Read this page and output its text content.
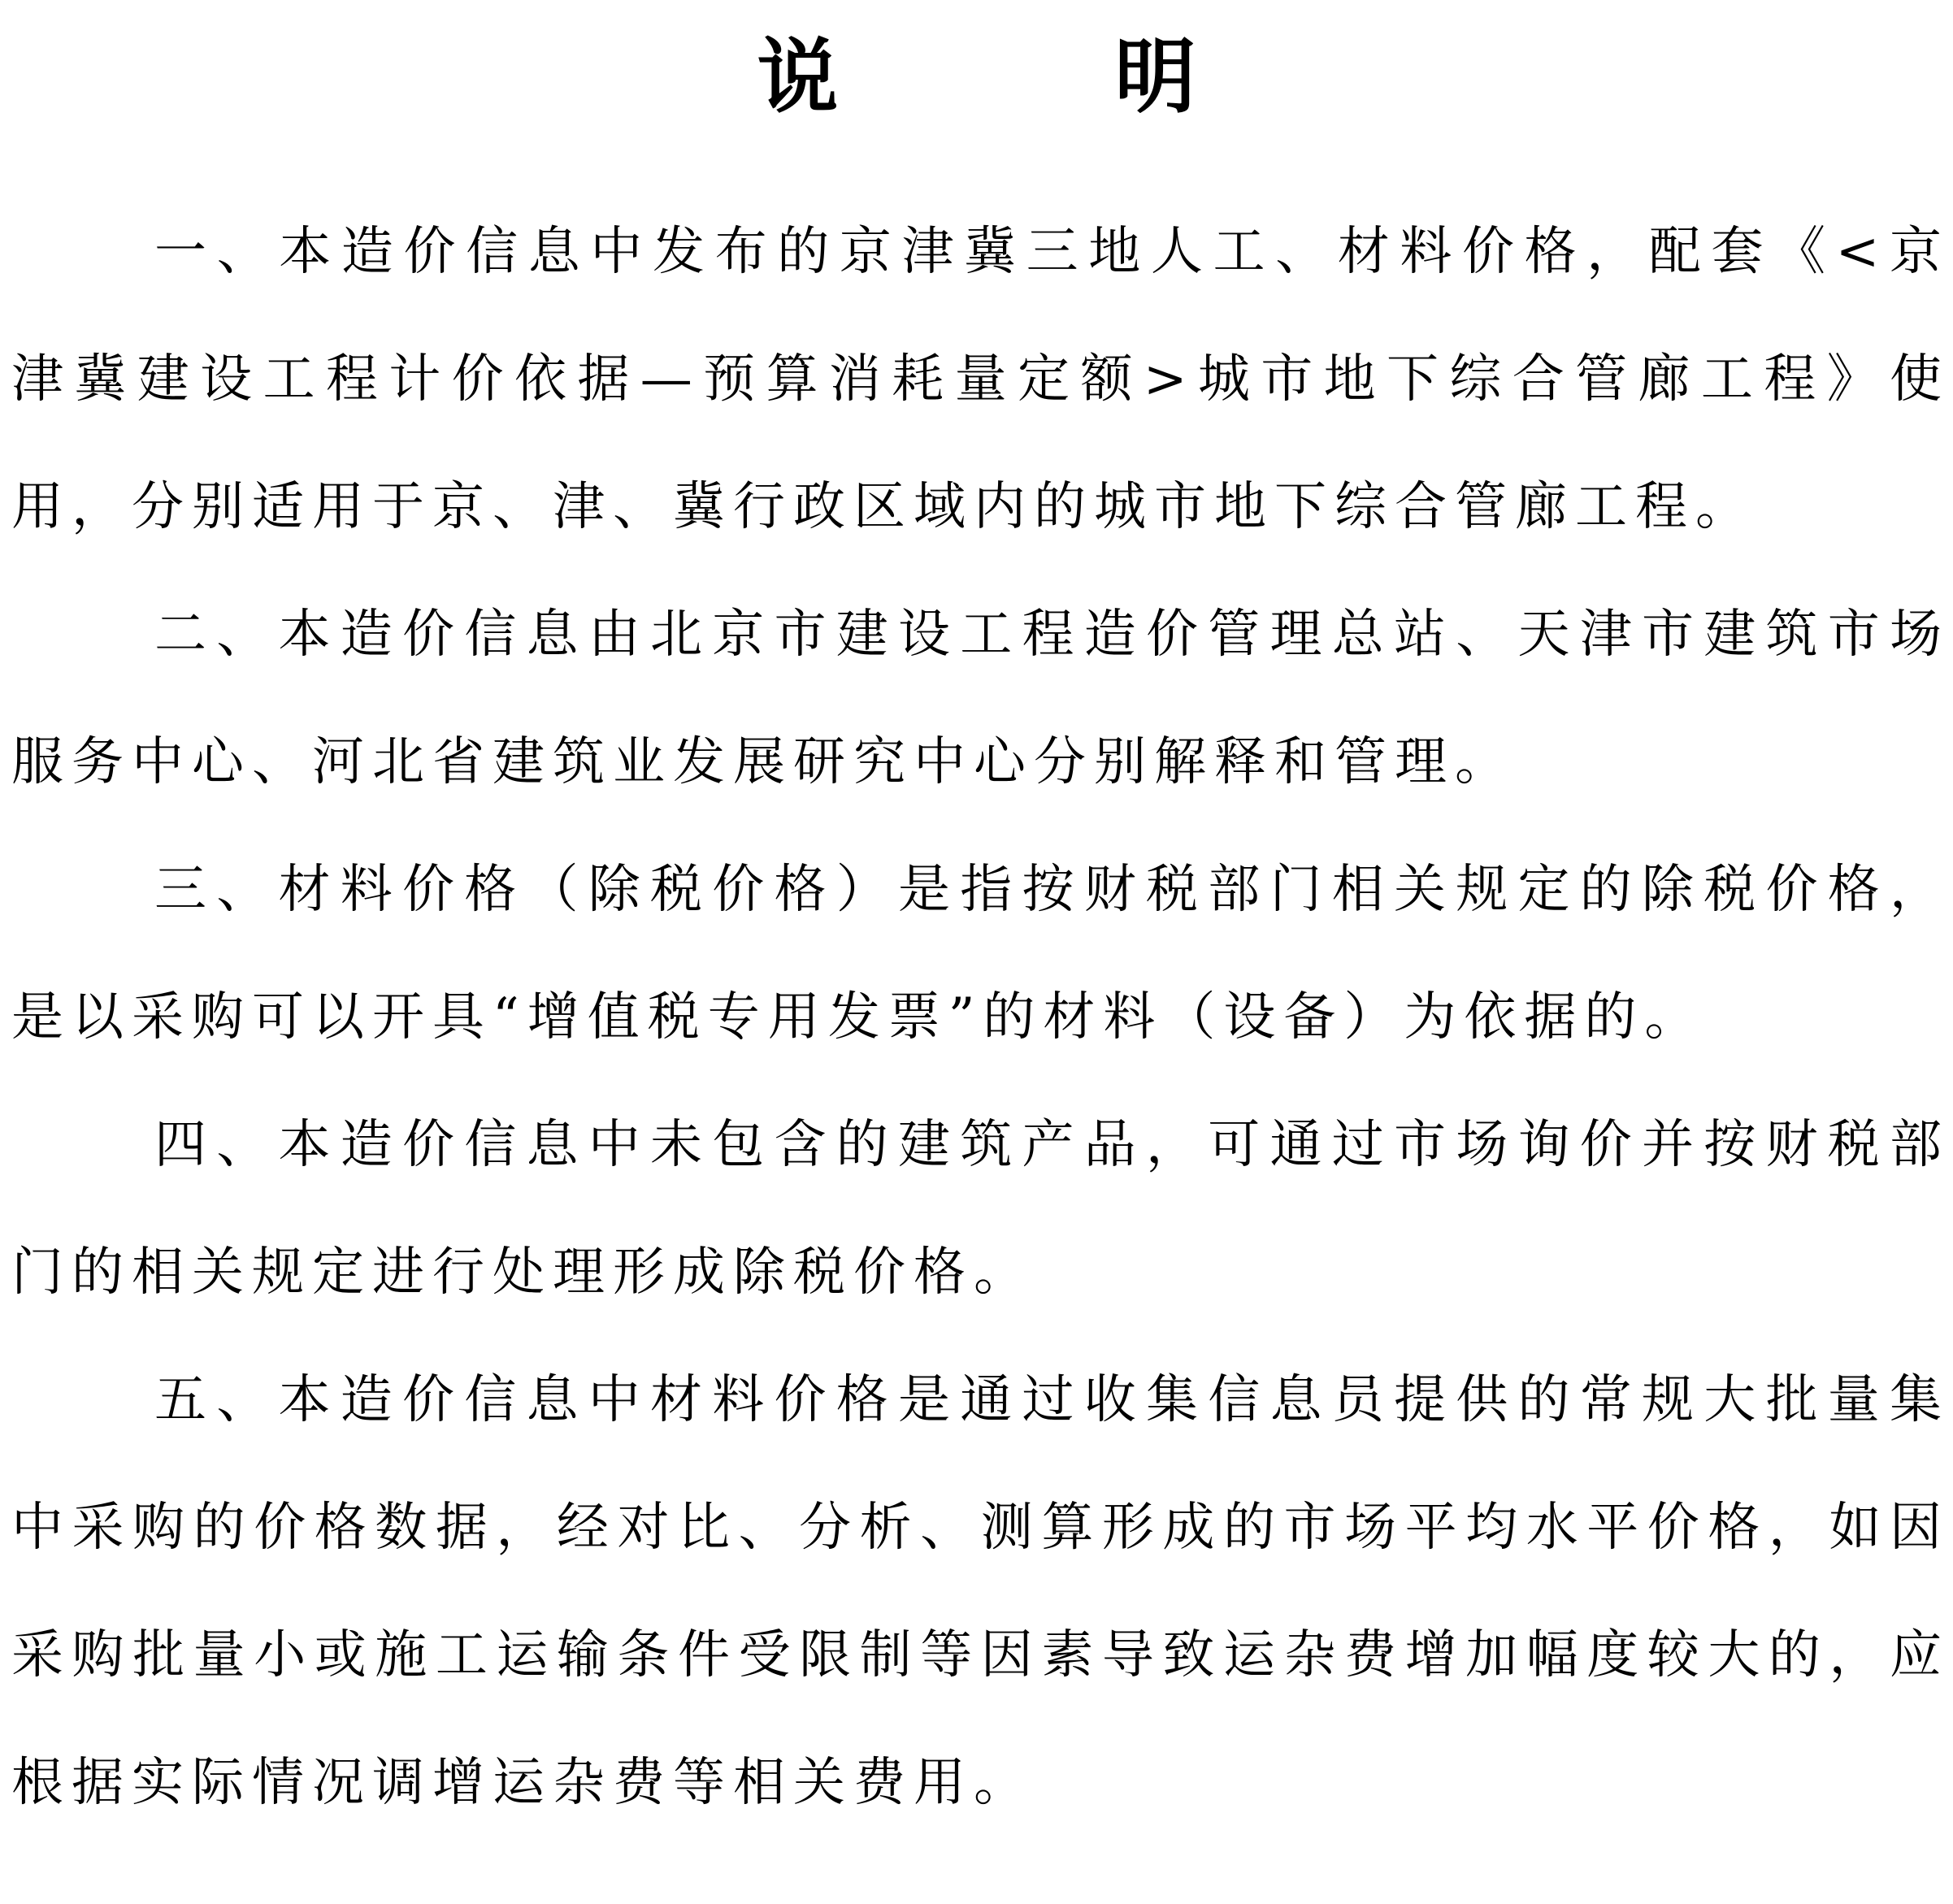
说　明

一、本造价信息中发布的京津冀三地人工、材料价格，配套《<京津冀建设工程计价依据—预算消耗量定额>城市地下综合管廊工程》使用，分别适用于京、津、冀行政区域内的城市地下综合管廊工程。

二、本造价信息由北京市建设工程造价管理总站、天津市建筑市场服务中心、河北省建筑业发展研究中心分别解释和管理。

三、材料价格（除税价格）是指按财税部门相关规定的除税价格，是以采购可以开具“增值税专用发票”的材料（设备）为依据的。

四、本造价信息中未包含的建筑产品，可通过市场询价并按财税部门的相关规定进行处理形成除税价格。

五、本造价信息中材料价格是通过收集信息员提供的常规大批量集中采购的价格数据，经对比、分析、测算形成的市场平均水平价格，如因采购批量小或施工运输条件受限制等因素导致运杂费增加幅度较大的，应根据实际情况调增运杂费等相关费用。
